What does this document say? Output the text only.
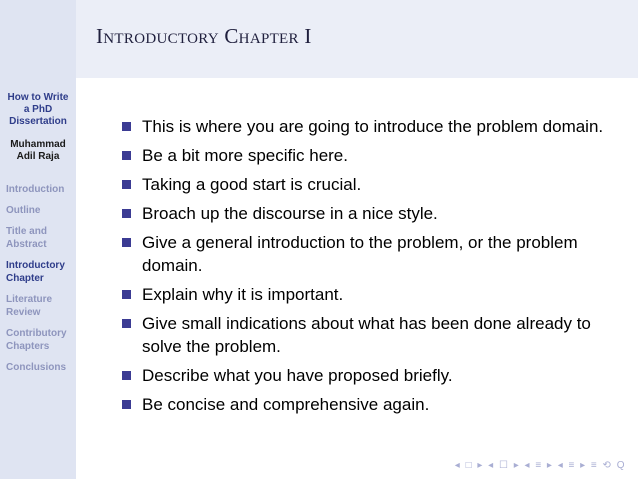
How to Write
a PhD
Dissertation
Muhammad
Adil Raja
Introduction
Outline
Title and
Abstract
Introductory
Chapter
Literature
Review
Contributory
Chapters
Conclusions
Introductory Chapter I
This is where you are going to introduce the problem domain.
Be a bit more specific here.
Taking a good start is crucial.
Broach up the discourse in a nice style.
Give a general introduction to the problem, or the problem domain.
Explain why it is important.
Give small indications about what has been done already to solve the problem.
Describe what you have proposed briefly.
Be concise and comprehensive again.
◂ □ ▸ ◂ ☐ ▸ ◂ ≡ ▸ ◂ ≡ ▸ ≡ ⟲ Q
